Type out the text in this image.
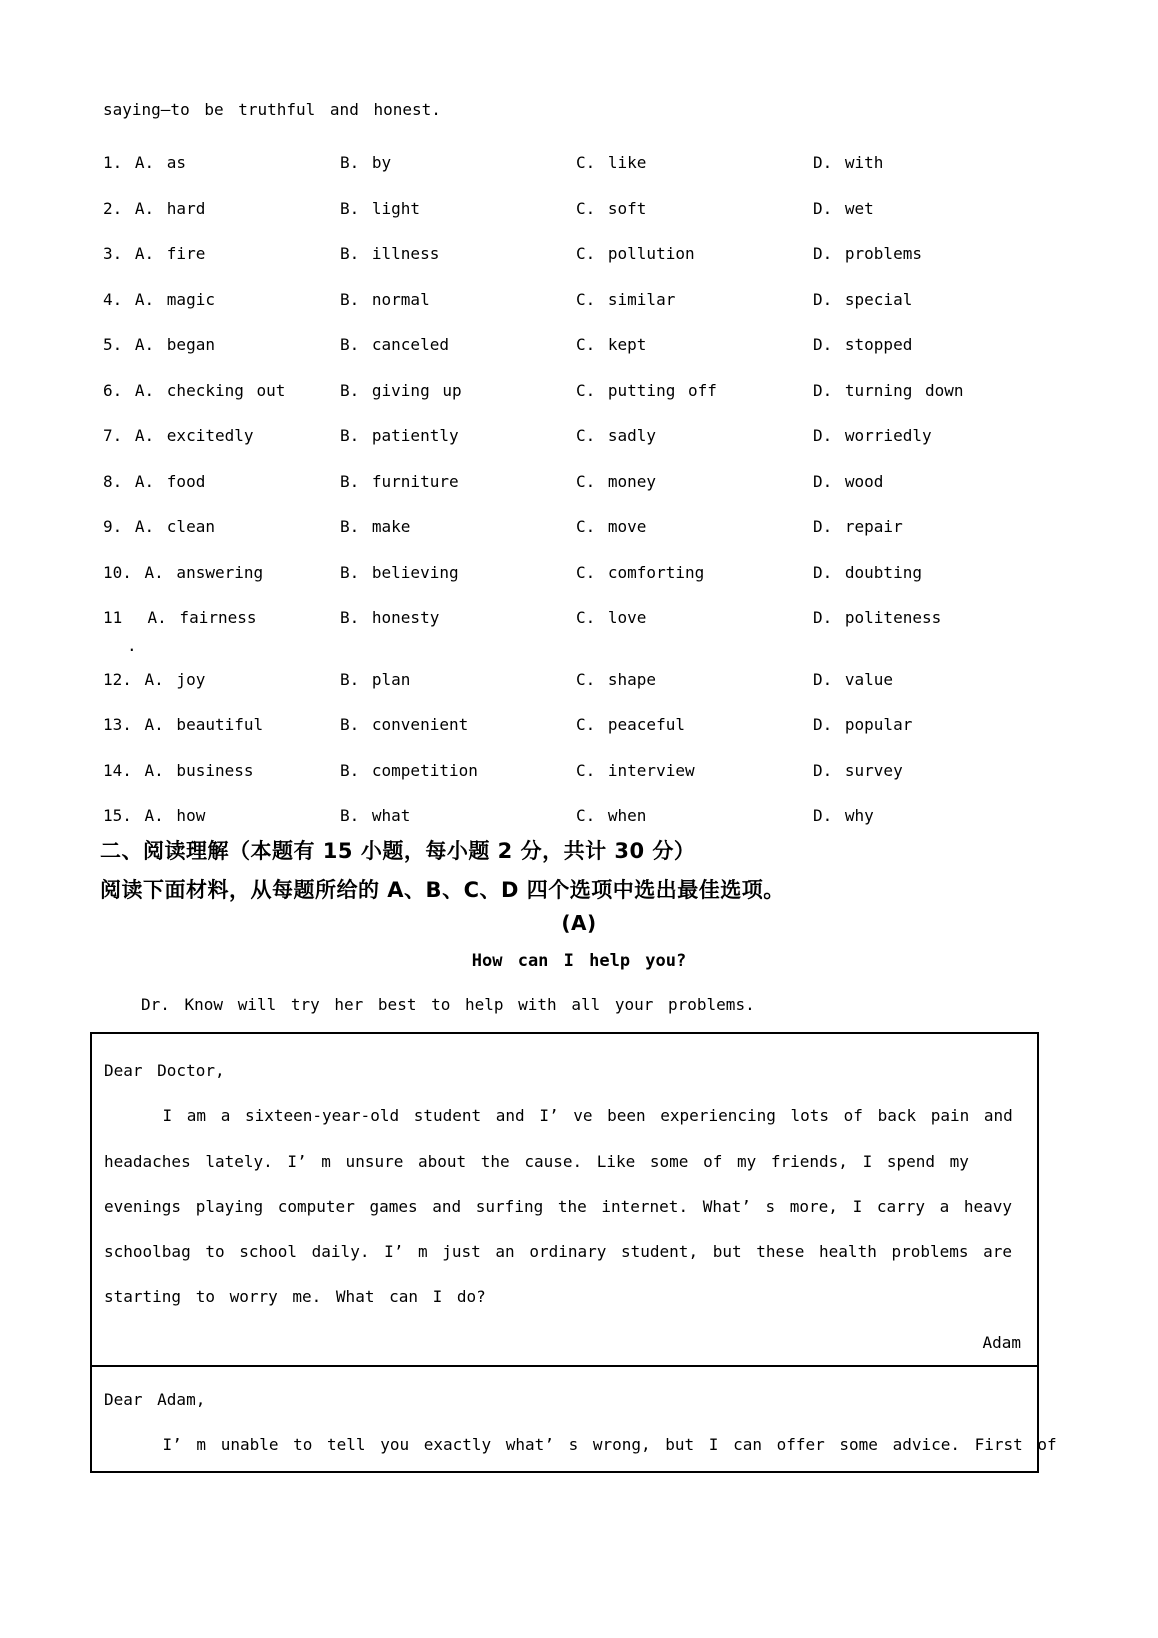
saying—to be truthful and honest.
1. A. as	B. by	C. like	D. with
2. A. hard	B. light	C. soft	D. wet
3. A. fire	B. illness	C. pollution	D. problems
4. A. magic	B. normal	C. similar	D. special
5. A. began	B. canceled	C. kept	D. stopped
6. A. checking out	B. giving up	C. putting off	D. turning down
7. A. excitedly	B. patiently	C. sadly	D. worriedly
8. A. food	B. furniture	C. money	D. wood
9. A. clean	B. make	C. move	D. repair
10. A. answering	B. believing	C. comforting	D. doubting
11  A. fairness	B. honesty	C. love	D. politeness
.
12. A. joy	B. plan	C. shape	D. value
13. A. beautiful	B. convenient	C. peaceful	D. popular
14. A. business	B. competition	C. interview	D. survey
15. A. how	B. what	C. when	D. why
二、阅读理解（本题有 15 小题，每小题 2 分，共计 30 分）
阅读下面材料，从每题所给的 A、B、C、D 四个选项中选出最佳选项。
(A)
How can I help you?
Dr. Know will try her best to help with all your problems.
Dear Doctor,
I am a sixteen-year-old student and I’ ve been experiencing lots of back pain and
headaches lately. I’ m unsure about the cause. Like some of my friends, I spend my
evenings playing computer games and surfing the internet. What’ s more, I carry a heavy
schoolbag to school daily. I’ m just an ordinary student, but these health problems are
starting to worry me. What can I do?
Adam
Dear Adam,
I’ m unable to tell you exactly what’ s wrong, but I can offer some advice. First of
